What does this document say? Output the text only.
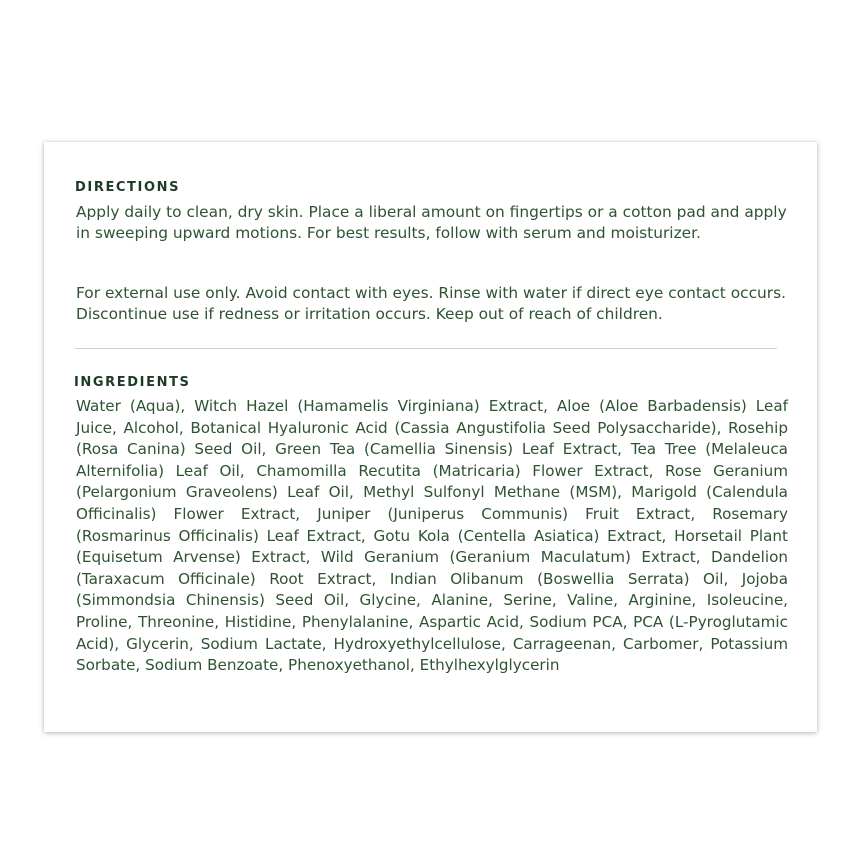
DIRECTIONS

Apply daily to clean, dry skin. Place a liberal amount on fingertips or a cotton pad and apply in sweeping upward motions. For best results, follow with serum and moisturizer.

For external use only. Avoid contact with eyes. Rinse with water if direct eye contact occurs. Discontinue use if redness or irritation occurs. Keep out of reach of children.

INGREDIENTS

Water (Aqua), Witch Hazel (Hamamelis Virginiana) Extract, Aloe (Aloe Barbadensis) Leaf Juice, Alcohol, Botanical Hyaluronic Acid (Cassia Angustifolia Seed Polysaccharide), Rosehip (Rosa Canina) Seed Oil, Green Tea (Camellia Sinensis) Leaf Extract, Tea Tree (Melaleuca Alternifolia) Leaf Oil, Chamomilla Recutita (Matricaria) Flower Extract, Rose Geranium (Pelargonium Graveolens) Leaf Oil, Methyl Sulfonyl Methane (MSM), Marigold (Calendula Officinalis) Flower Extract, Juniper (Juniperus Communis) Fruit Extract, Rosemary (Rosmarinus Officinalis) Leaf Extract, Gotu Kola (Centella Asiatica) Extract, Horsetail Plant (Equisetum Arvense) Extract, Wild Geranium (Geranium Maculatum) Extract, Dandelion (Taraxacum Officinale) Root Extract, Indian Olibanum (Boswellia Serrata) Oil, Jojoba (Simmondsia Chinensis) Seed Oil, Glycine, Alanine, Serine, Valine, Arginine, Isoleucine, Proline, Threonine, Histidine, Phenylalanine, Aspartic Acid, Sodium PCA, PCA (L-Pyroglutamic Acid), Glycerin, Sodium Lactate, Hydroxyethylcellulose, Carrageenan, Carbomer, Potassium Sorbate, Sodium Benzoate, Phenoxyethanol, Ethylhexylglycerin
